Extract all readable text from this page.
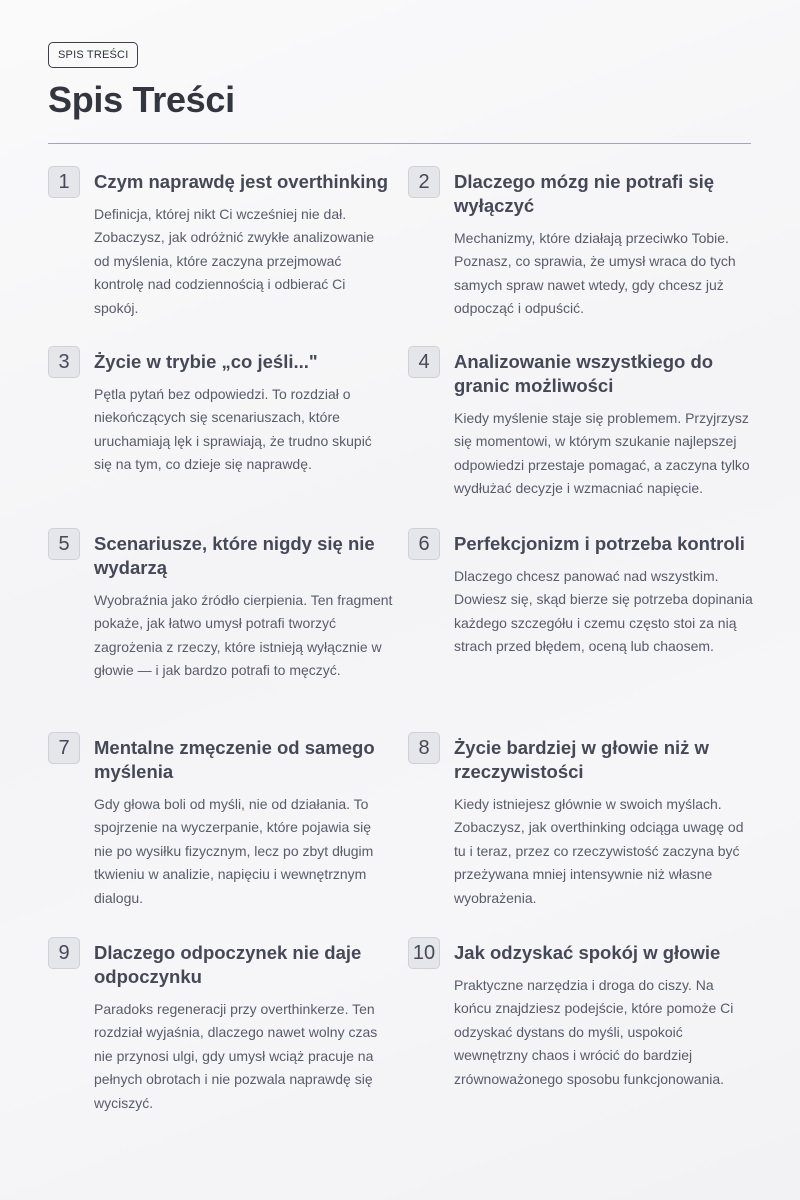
SPIS TREŚCI
Spis Treści
1	Czym naprawdę jest overthinking
Definicja, której nikt Ci wcześniej nie dał. Zobaczysz, jak odróżnić zwykłe analizowanie od myślenia, które zaczyna przejmować kontrolę nad codziennością i odbierać Ci spokój.
2	Dlaczego mózg nie potrafi się wyłączyć
Mechanizmy, które działają przeciwko Tobie. Poznasz, co sprawia, że umysł wraca do tych samych spraw nawet wtedy, gdy chcesz już odpocząć i odpuścić.
3	Życie w trybie „co jeśli..."
Pętla pytań bez odpowiedzi. To rozdział o niekończących się scenariuszach, które uruchamiają lęk i sprawiają, że trudno skupić się na tym, co dzieje się naprawdę.
4	Analizowanie wszystkiego do granic możliwości
Kiedy myślenie staje się problemem. Przyjrzysz się momentowi, w którym szukanie najlepszej odpowiedzi przestaje pomagać, a zaczyna tylko wydłużać decyzje i wzmacniać napięcie.
5	Scenariusze, które nigdy się nie wydarzą
Wyobraźnia jako źródło cierpienia. Ten fragment pokaże, jak łatwo umysł potrafi tworzyć zagrożenia z rzeczy, które istnieją wyłącznie w głowie — i jak bardzo potrafi to męczyć.
6	Perfekcjonizm i potrzeba kontroli
Dlaczego chcesz panować nad wszystkim. Dowiesz się, skąd bierze się potrzeba dopinania każdego szczegółu i czemu często stoi za nią strach przed błędem, oceną lub chaosem.
7	Mentalne zmęczenie od samego myślenia
Gdy głowa boli od myśli, nie od działania. To spojrzenie na wyczerpanie, które pojawia się nie po wysiłku fizycznym, lecz po zbyt długim tkwieniu w analizie, napięciu i wewnętrznym dialogu.
8	Życie bardziej w głowie niż w rzeczywistości
Kiedy istniejesz głównie w swoich myślach. Zobaczysz, jak overthinking odciąga uwagę od tu i teraz, przez co rzeczywistość zaczyna być przeżywana mniej intensywnie niż własne wyobrażenia.
9	Dlaczego odpoczynek nie daje odpoczynku
Paradoks regeneracji przy overthinkerze. Ten rozdział wyjaśnia, dlaczego nawet wolny czas nie przynosi ulgi, gdy umysł wciąż pracuje na pełnych obrotach i nie pozwala naprawdę się wyciszyć.
10 Jak odzyskać spokój w głowie
Praktyczne narzędzia i droga do ciszy. Na końcu znajdziesz podejście, które pomoże Ci odzyskać dystans do myśli, uspokoić wewnętrzny chaos i wrócić do bardziej zrównoważonego sposobu funkcjonowania.
